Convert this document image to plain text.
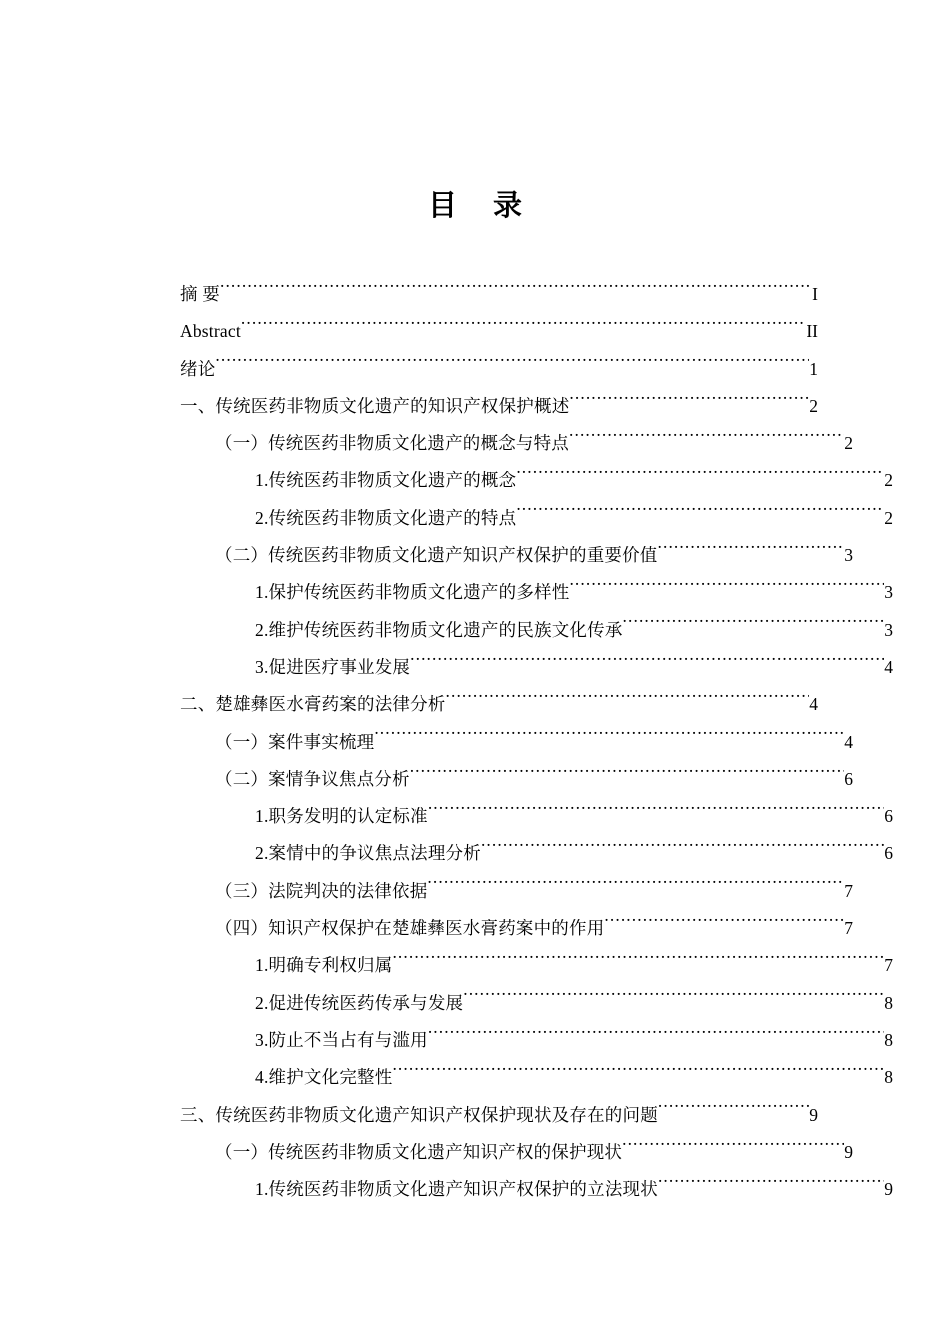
目 录
摘 要 .....	I
Abstract .....	II
绪论 .....	1
一、传统医药非物质文化遗产的知识产权保护概述 .....	2
（一）传统医药非物质文化遗产的概念与特点 .....	2
1.传统医药非物质文化遗产的概念 .....	2
2.传统医药非物质文化遗产的特点 .....	2
（二）传统医药非物质文化遗产知识产权保护的重要价值 .....	3
1.保护传统医药非物质文化遗产的多样性 .....	3
2.维护传统医药非物质文化遗产的民族文化传承 .....	3
3.促进医疗事业发展 .....	4
二、楚雄彝医水膏药案的法律分析 .....	4
（一）案件事实梳理 .....	4
（二）案情争议焦点分析 .....	6
1.职务发明的认定标准 .....	6
2.案情中的争议焦点法理分析 .....	6
（三）法院判决的法律依据 .....	7
（四）知识产权保护在楚雄彝医水膏药案中的作用 .....	7
1.明确专利权归属 .....	7
2.促进传统医药传承与发展 .....	8
3.防止不当占有与滥用 .....	8
4.维护文化完整性 .....	8
三、传统医药非物质文化遗产知识产权保护现状及存在的问题 .....	9
（一）传统医药非物质文化遗产知识产权的保护现状 .....	9
1.传统医药非物质文化遗产知识产权保护的立法现状 .....	9
